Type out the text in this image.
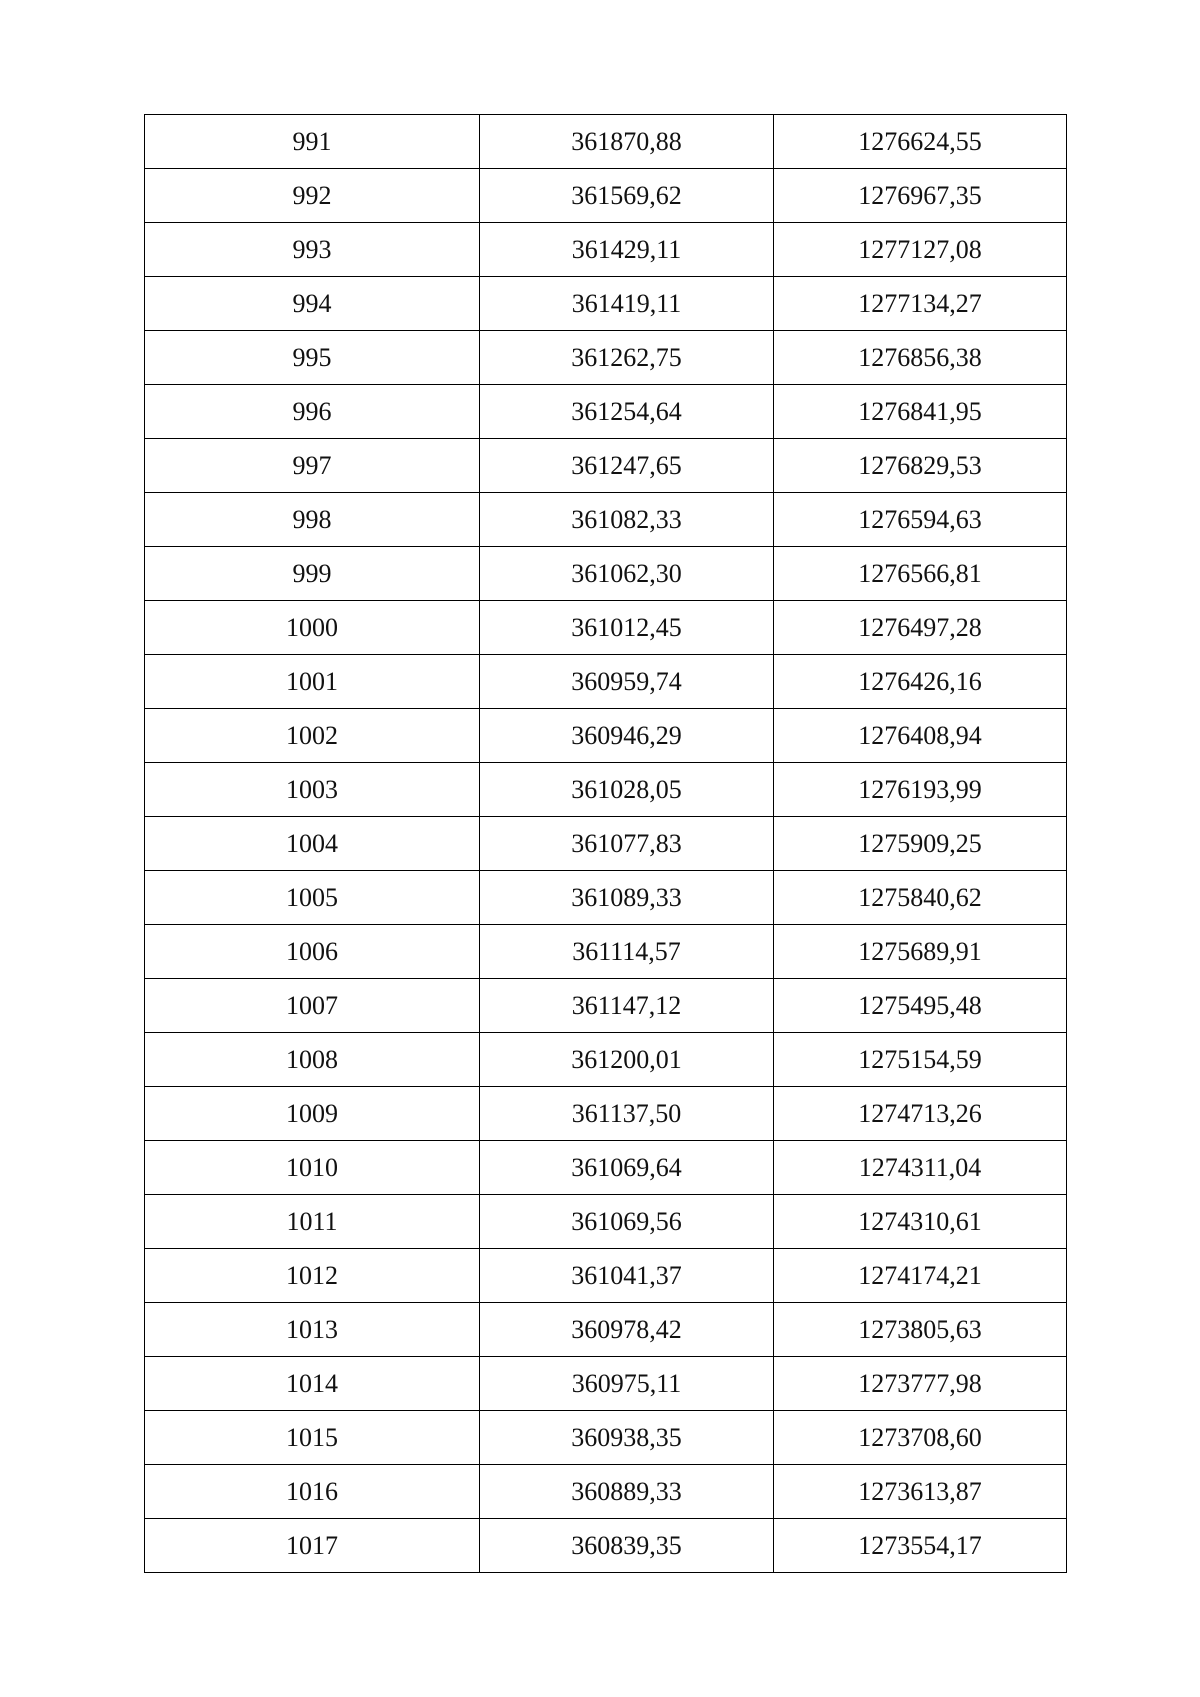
991	361870,88	1276624,55
992	361569,62	1276967,35
993	361429,11	1277127,08
994	361419,11	1277134,27
995	361262,75	1276856,38
996	361254,64	1276841,95
997	361247,65	1276829,53
998	361082,33	1276594,63
999	361062,30	1276566,81
1000	361012,45	1276497,28
1001	360959,74	1276426,16
1002	360946,29	1276408,94
1003	361028,05	1276193,99
1004	361077,83	1275909,25
1005	361089,33	1275840,62
1006	361114,57	1275689,91
1007	361147,12	1275495,48
1008	361200,01	1275154,59
1009	361137,50	1274713,26
1010	361069,64	1274311,04
1011	361069,56	1274310,61
1012	361041,37	1274174,21
1013	360978,42	1273805,63
1014	360975,11	1273777,98
1015	360938,35	1273708,60
1016	360889,33	1273613,87
1017	360839,35	1273554,17
